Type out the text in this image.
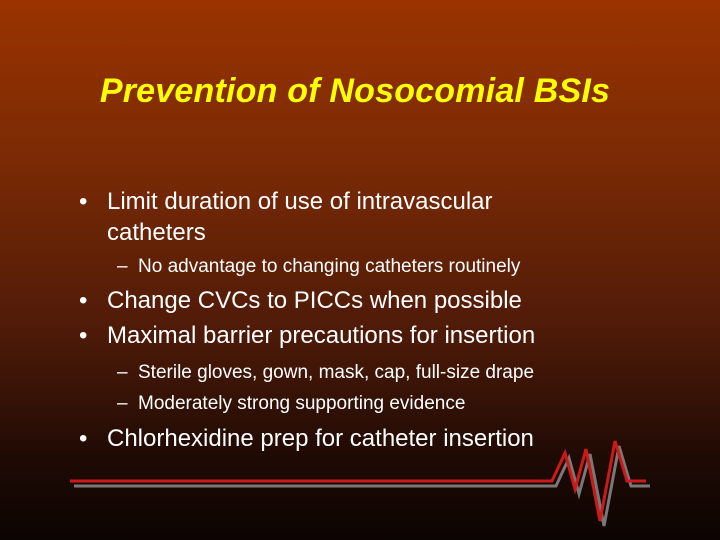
Prevention of Nosocomial BSIs
• Limit duration of use of intravascular
catheters
– No advantage to changing catheters routinely
• Change CVCs to PICCs when possible
• Maximal barrier precautions for insertion
– Sterile gloves, gown, mask, cap, full-size drape
– Moderately strong supporting evidence
• Chlorhexidine prep for catheter insertion
